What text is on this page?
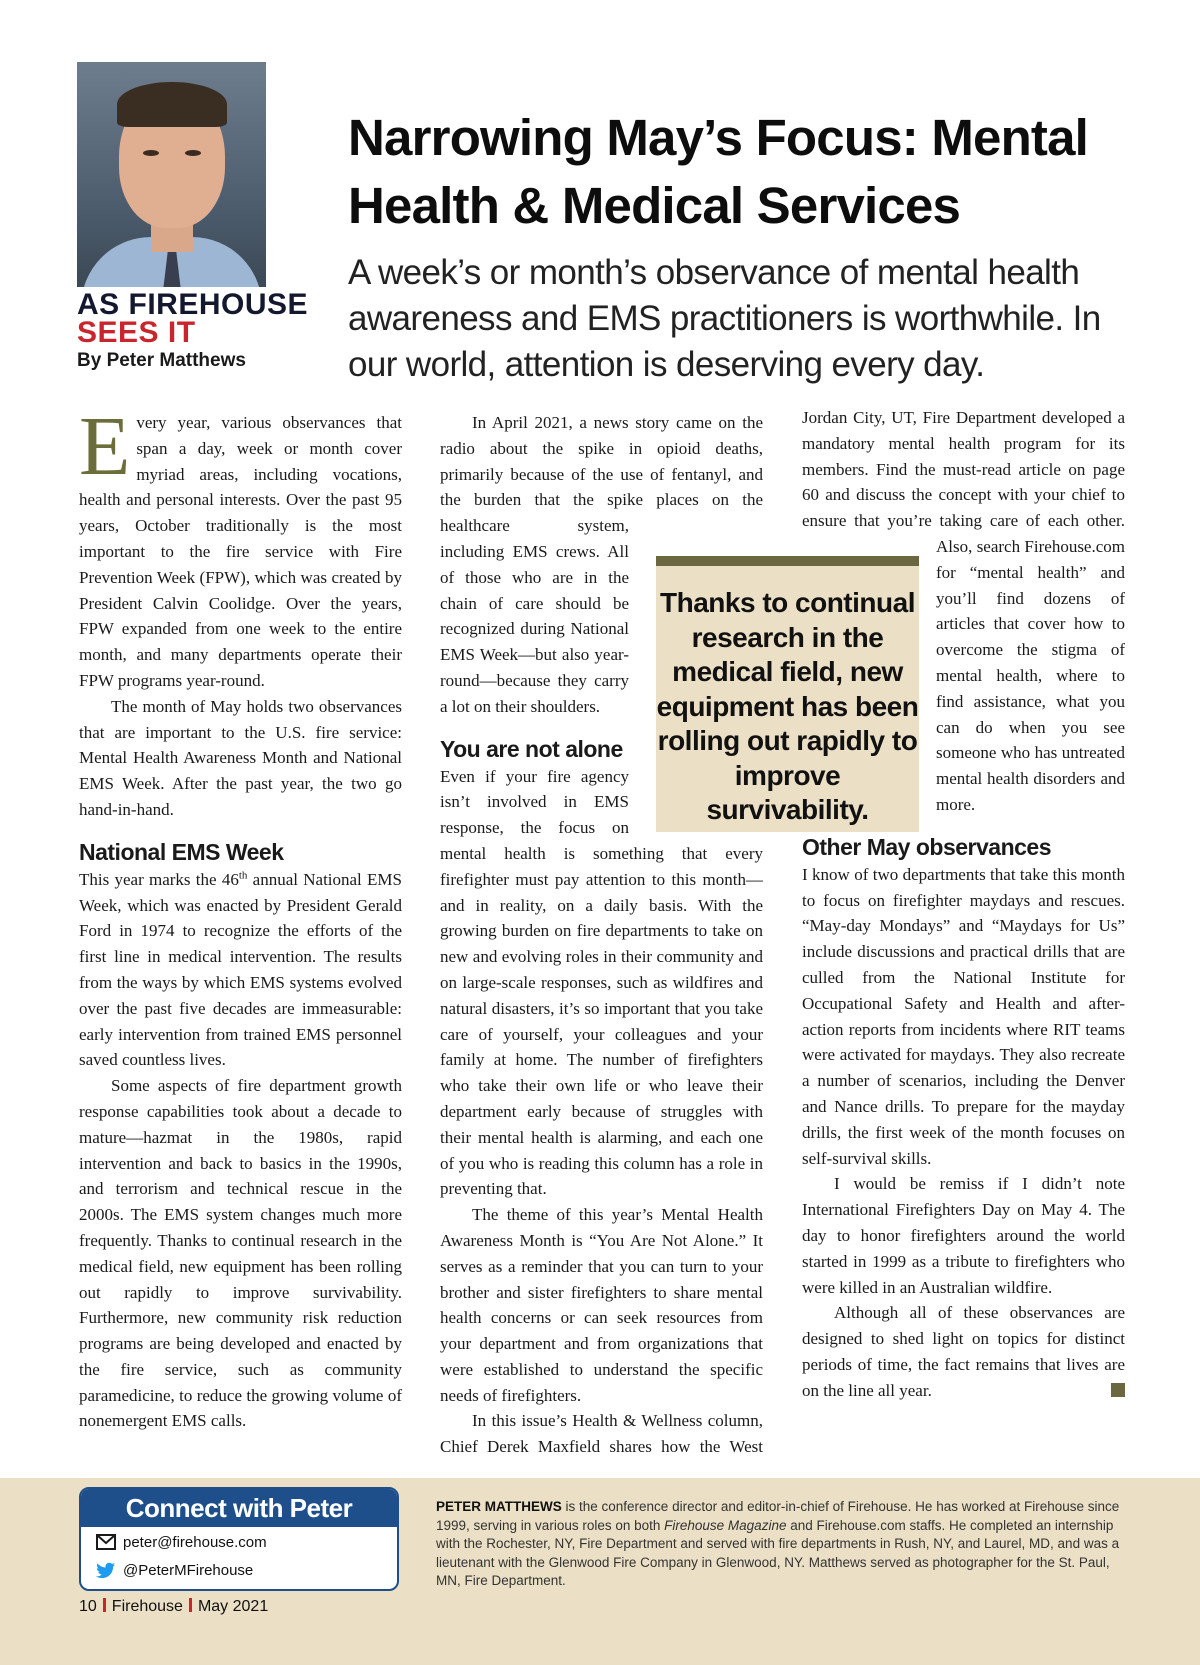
AS FIREHOUSE
SEES IT
By Peter Matthews
Narrowing May’s Focus: Mental Health & Medical Services
A week’s or month’s observance of mental health awareness and EMS practitioners is worthwhile. In our world, attention is deserving every day.

Every year, various observances that span a day, week or month cover myriad areas, including vocations, health and personal interests. Over the past 95 years, October traditionally is the most important to the fire service with Fire Prevention Week (FPW), which was created by President Calvin Coolidge. Over the years, FPW expanded from one week to the entire month, and many departments operate their FPW programs year-round.

The month of May holds two observances that are important to the U.S. fire service: Mental Health Awareness Month and National EMS Week. After the past year, the two go hand-in-hand.

National EMS Week

This year marks the 46th annual National EMS Week, which was enacted by President Gerald Ford in 1974 to recognize the efforts of the first line in medical intervention. The results from the ways by which EMS systems evolved over the past five decades are immeasurable: early intervention from trained EMS personnel saved countless lives.

Some aspects of fire department growth response capabilities took about a decade to mature—hazmat in the 1980s, rapid intervention and back to basics in the 1990s, and terrorism and technical rescue in the 2000s. The EMS system changes much more frequently. Thanks to continual research in the medical field, new equipment has been rolling out rapidly to improve survivability. Furthermore, new community risk reduction programs are being developed and enacted by the fire service, such as community paramedicine, to reduce the growing volume of nonemergent EMS calls.

In April 2021, a news story came on the radio about the spike in opioid deaths, primarily because of the use of fentanyl, and the burden that the spike places on the healthcare system, including EMS crews. All of those who are in the chain of care should be recognized during National EMS Week—but also year-round—because they carry a lot on their shoulders.

You are not alone

Even if your fire agency isn’t involved in EMS response, the focus on mental health is something that every firefighter must pay attention to this month—and in reality, on a daily basis. With the growing burden on fire departments to take on new and evolving roles in their community and on large-scale responses, such as wildfires and natural disasters, it’s so important that you take care of yourself, your colleagues and your family at home. The number of firefighters who take their own life or who leave their department early because of struggles with their mental health is alarming, and each one of you who is reading this column has a role in preventing that.

The theme of this year’s Mental Health Awareness Month is “You Are Not Alone.” It serves as a reminder that you can turn to your brother and sister firefighters to share mental health concerns or can seek resources from your department and from organizations that were established to understand the specific needs of firefighters.

In this issue’s Health & Wellness column, Chief Derek Maxfield shares how the West

Jordan City, UT, Fire Department developed a mandatory mental health program for its members. Find the must-read article on page 60 and discuss the concept with your chief to ensure that you’re taking care of each other. Also, search Firehouse.com for “mental health” and you’ll find dozens of articles that cover how to overcome the stigma of mental health, where to find assistance, what you can do when you see someone who has untreated mental health disorders and more.

Other May observances

I know of two departments that take this month to focus on firefighter maydays and rescues. “May-day Mondays” and “Maydays for Us” include discussions and practical drills that are culled from the National Institute for Occupational Safety and Health and after-action reports from incidents where RIT teams were activated for maydays. They also recreate a number of scenarios, including the Denver and Nance drills. To prepare for the mayday drills, the first week of the month focuses on self-survival skills.

I would be remiss if I didn’t note International Firefighters Day on May 4. The day to honor firefighters around the world started in 1999 as a tribute to firefighters who were killed in an Australian wildfire.

Although all of these observances are designed to shed light on topics for distinct periods of time, the fact remains that lives are on the line all year.

Thanks to continual research in the medical field, new equipment has been rolling out rapidly to improve survivability.
Connect with Peter
peter@firehouse.com
@PeterMFirehouse
PETER MATTHEWS is the conference director and editor-in-chief of Firehouse. He has worked at Firehouse since 1999, serving in various roles on both Firehouse Magazine and Firehouse.com staffs. He completed an internship with the Rochester, NY, Fire Department and served with fire departments in Rush, NY, and Laurel, MD, and was a lieutenant with the Glenwood Fire Company in Glenwood, NY. Matthews served as photographer for the St. Paul, MN, Fire Department.
10 Firehouse May 2021
